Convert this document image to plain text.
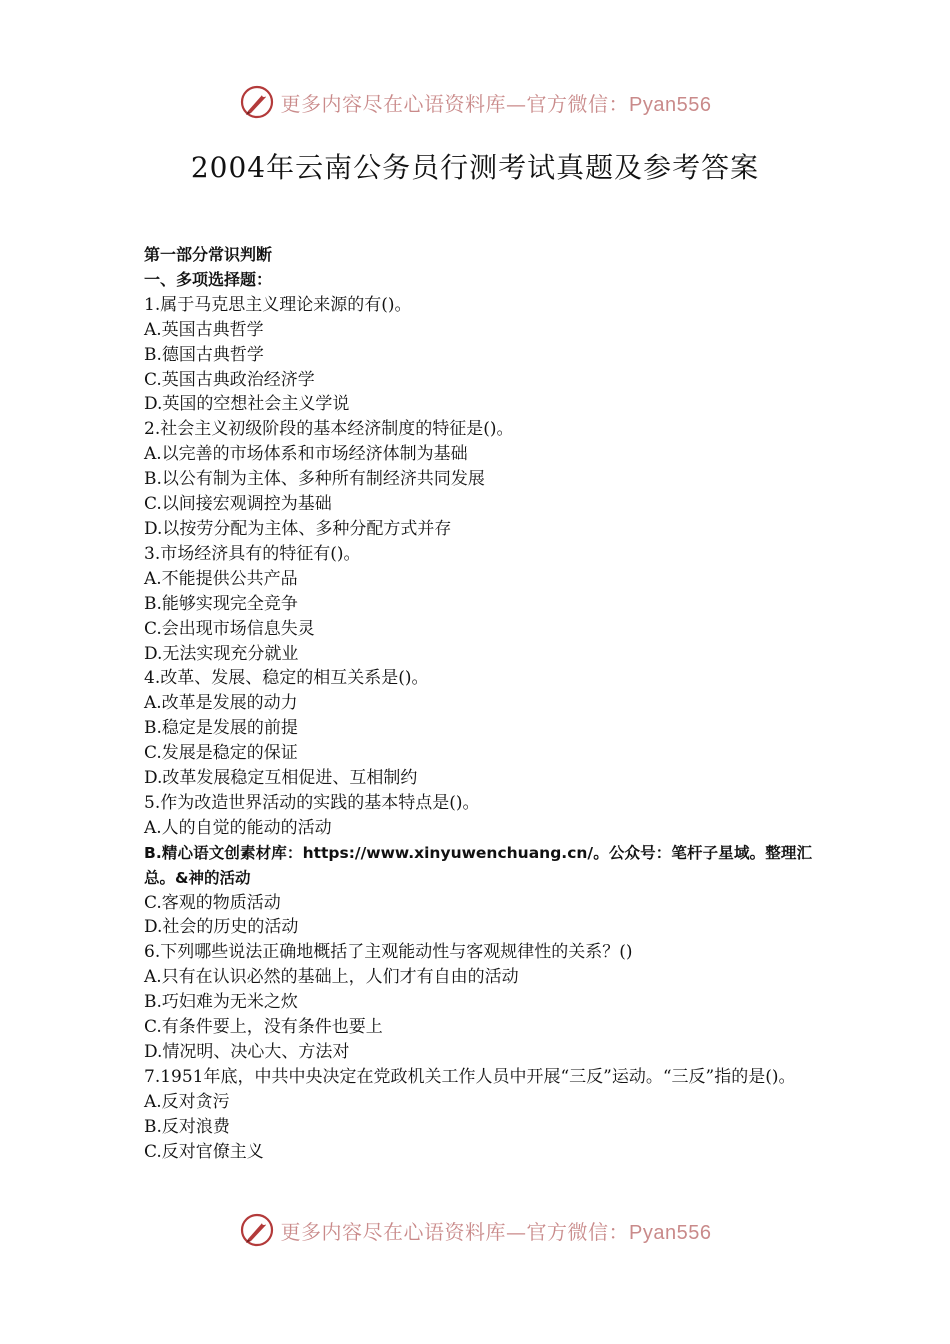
更多内容尽在心语资料库—官方微信：Pyan556
2004年云南公务员行测考试真题及参考答案

第一部分常识判断

一、多项选择题：

1.属于马克思主义理论来源的有()。

A.英国古典哲学

B.德国古典哲学

C.英国古典政治经济学

D.英国的空想社会主义学说

2.社会主义初级阶段的基本经济制度的特征是()。

A.以完善的市场体系和市场经济体制为基础

B.以公有制为主体、多种所有制经济共同发展

C.以间接宏观调控为基础

D.以按劳分配为主体、多种分配方式并存

3.市场经济具有的特征有()。

A.不能提供公共产品

B.能够实现完全竞争

C.会出现市场信息失灵

D.无法实现充分就业

4.改革、发展、稳定的相互关系是()。

A.改革是发展的动力

B.稳定是发展的前提

C.发展是稳定的保证

D.改革发展稳定互相促进、互相制约

5.作为改造世界活动的实践的基本特点是()。

A.人的自觉的能动的活动

B.精心语文创素材库：https://www.xinyuwenchuang.cn/。公众号：笔杆子星域。整理汇总。&神的活动

C.客观的物质活动

D.社会的历史的活动

6.下列哪些说法正确地概括了主观能动性与客观规律性的关系？()

A.只有在认识必然的基础上，人们才有自由的活动

B.巧妇难为无米之炊

C.有条件要上，没有条件也要上

D.情况明、决心大、方法对

7.1951年底，中共中央决定在党政机关工作人员中开展“三反”运动。“三反”指的是()。

A.反对贪污

B.反对浪费

C.反对官僚主义

更多内容尽在心语资料库—官方微信：Pyan556
